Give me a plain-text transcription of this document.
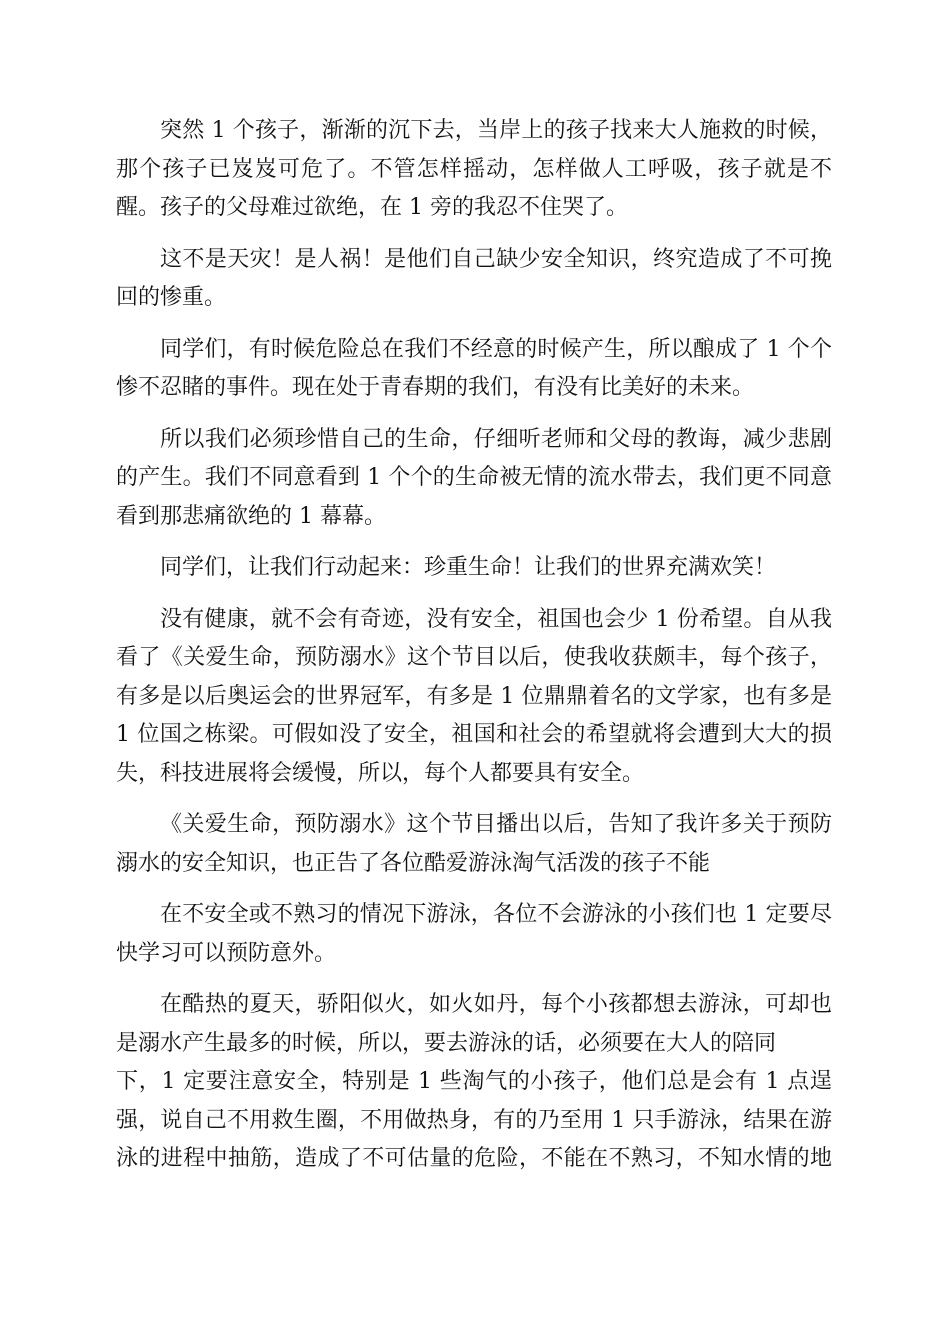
突然 1 个孩子，渐渐的沉下去，当岸上的孩子找来大人施救的时候，
那个孩子已岌岌可危了。不管怎样摇动，怎样做人工呼吸，孩子就是不
醒。孩子的父母难过欲绝，在 1 旁的我忍不住哭了。

这不是天灾！是人祸！是他们自己缺少安全知识，终究造成了不可挽
回的惨重。

同学们，有时候危险总在我们不经意的时候产生，所以酿成了 1 个个
惨不忍睹的事件。现在处于青春期的我们，有没有比美好的未来。

所以我们必须珍惜自己的生命，仔细听老师和父母的教诲，减少悲剧
的产生。我们不同意看到 1 个个的生命被无情的流水带去，我们更不同意
看到那悲痛欲绝的 1 幕幕。

同学们，让我们行动起来：珍重生命！让我们的世界充满欢笑！

没有健康，就不会有奇迹，没有安全，祖国也会少 1 份希望。自从我
看了《关爱生命，预防溺水》这个节目以后，使我收获颇丰，每个孩子，
有多是以后奥运会的世界冠军，有多是 1 位鼎鼎着名的文学家，也有多是
1 位国之栋梁。可假如没了安全，祖国和社会的希望就将会遭到大大的损
失，科技进展将会缓慢，所以，每个人都要具有安全。

《关爱生命，预防溺水》这个节目播出以后，告知了我许多关于预防
溺水的安全知识，也正告了各位酷爱游泳淘气活泼的孩子不能

在不安全或不熟习的情况下游泳，各位不会游泳的小孩们也 1 定要尽
快学习可以预防意外。

在酷热的夏天，骄阳似火，如火如丹，每个小孩都想去游泳，可却也
是溺水产生最多的时候，所以，要去游泳的话，必须要在大人的陪同
下，1 定要注意安全，特别是 1 些淘气的小孩子，他们总是会有 1 点逞
强，说自己不用救生圈，不用做热身，有的乃至用 1 只手游泳，结果在游
泳的进程中抽筋，造成了不可估量的危险，不能在不熟习，不知水情的地
